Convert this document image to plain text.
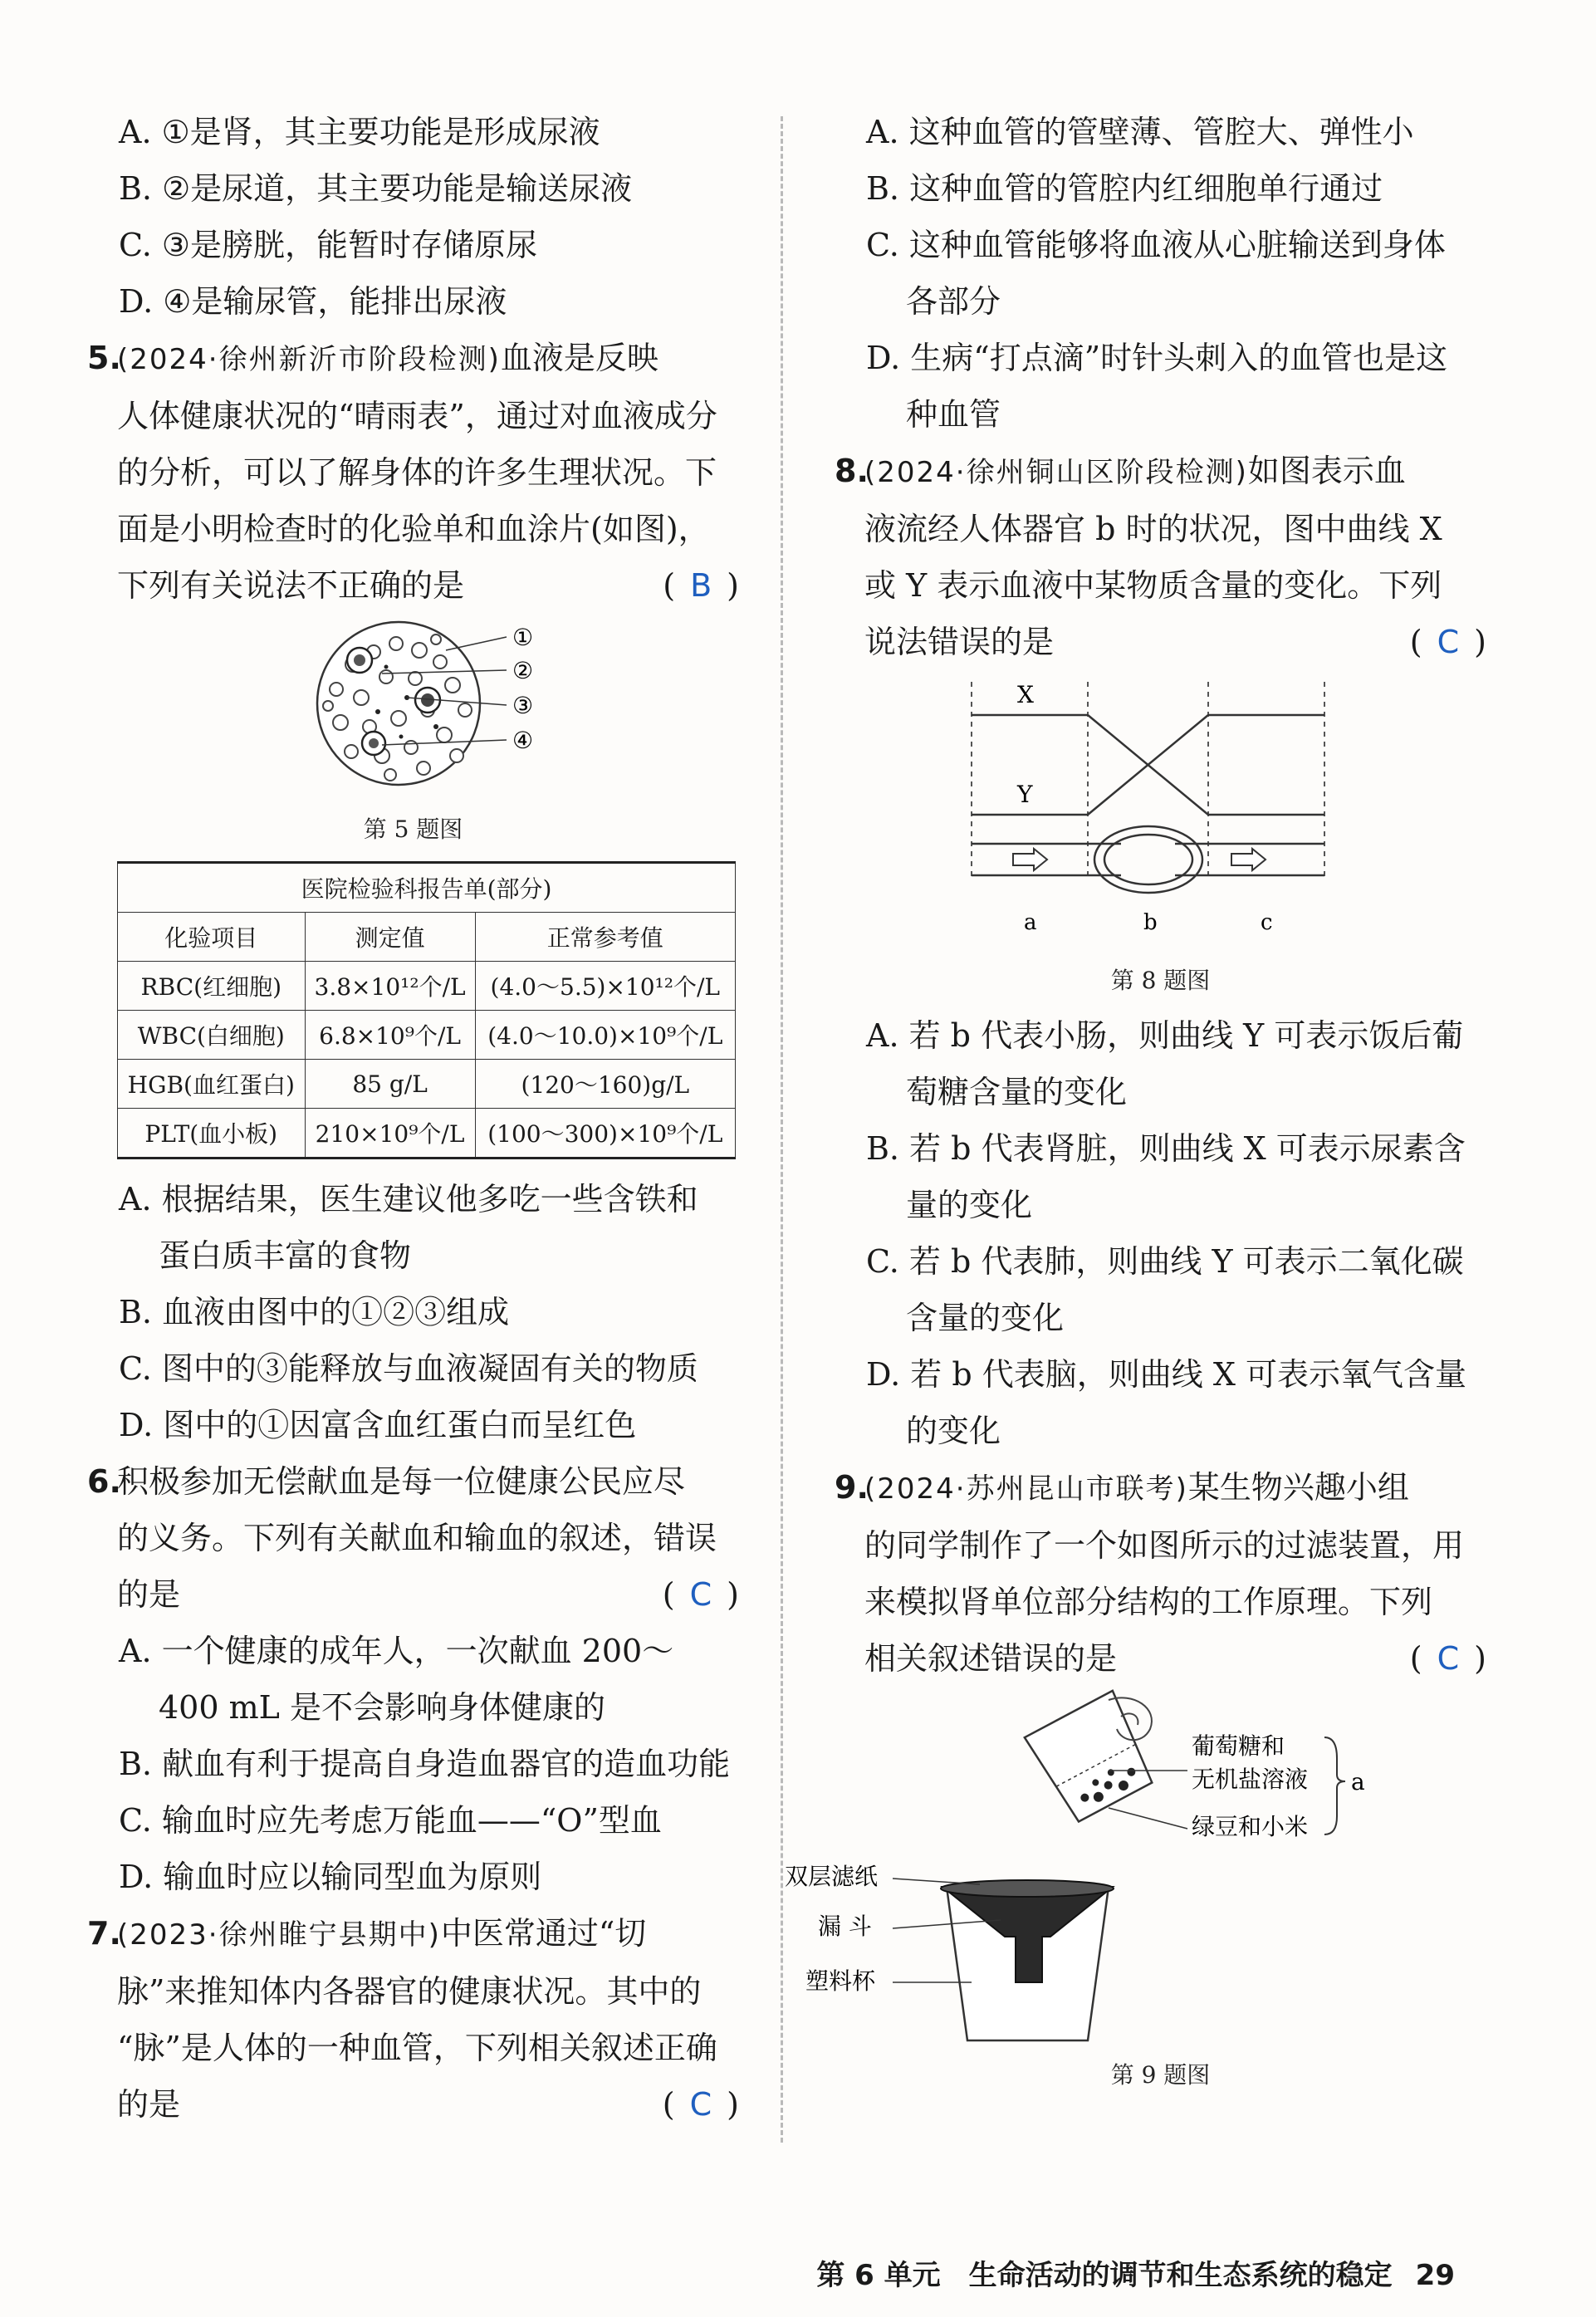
A. ①是肾，其主要功能是形成尿液
B. ②是尿道，其主要功能是输送尿液
C. ③是膀胱，能暂时存储原尿
D. ④是输尿管，能排出尿液
5.
(2024·徐州新沂市阶段检测)血液是反映
人体健康状况的“晴雨表”，通过对血液成分
的分析，可以了解身体的许多生理状况。下
面是小明检查时的化验单和血涂片(如图)，
下列有关说法不正确的是	( B )
①
②
③
④
第 5 题图
医院检验科报告单(部分)		
化验项目	测定值	正常参考值
RBC(红细胞)	3.8×10¹²个/L	(4.0～5.5)×10¹²个/L
WBC(白细胞)	6.8×10⁹个/L	(4.0～10.0)×10⁹个/L
HGB(血红蛋白)	85 g/L	(120～160)g/L
PLT(血小板)	210×10⁹个/L	(100～300)×10⁹个/L
A. 根据结果，医生建议他多吃一些含铁和
蛋白质丰富的食物
B. 血液由图中的①②③组成
C. 图中的③能释放与血液凝固有关的物质
D. 图中的①因富含血红蛋白而呈红色
6.
积极参加无偿献血是每一位健康公民应尽
的义务。下列有关献血和输血的叙述，错误
的是	( C )
A. 一个健康的成年人，一次献血 200～
400 mL 是不会影响身体健康的
B. 献血有利于提高自身造血器官的造血功能
C. 输血时应先考虑万能血——“O”型血
D. 输血时应以输同型血为原则
7.
(2023·徐州睢宁县期中)中医常通过“切
脉”来推知体内各器官的健康状况。其中的
“脉”是人体的一种血管，下列相关叙述正确
的是	( C )
A. 这种血管的管壁薄、管腔大、弹性小
B. 这种血管的管腔内红细胞单行通过
C. 这种血管能够将血液从心脏输送到身体
各部分
D. 生病“打点滴”时针头刺入的血管也是这
种血管
8.
(2024·徐州铜山区阶段检测)如图表示血
液流经人体器官 b 时的状况，图中曲线 X
或 Y 表示血液中某物质含量的变化。下列
说法错误的是	( C )
X
Y
a	b	c
第 8 题图
A. 若 b 代表小肠，则曲线 Y 可表示饭后葡
萄糖含量的变化
B. 若 b 代表肾脏，则曲线 X 可表示尿素含
量的变化
C. 若 b 代表肺，则曲线 Y 可表示二氧化碳
含量的变化
D. 若 b 代表脑，则曲线 X 可表示氧气含量
的变化
9.
(2024·苏州昆山市联考)某生物兴趣小组
的同学制作了一个如图所示的过滤装置，用
来模拟肾单位部分结构的工作原理。下列
相关叙述错误的是	( C )
葡萄糖和
无机盐溶液
绿豆和小米
a
双层滤纸
漏 斗
塑料杯
第 9 题图
第 6 单元　生命活动的调节和生态系统的稳定 29
